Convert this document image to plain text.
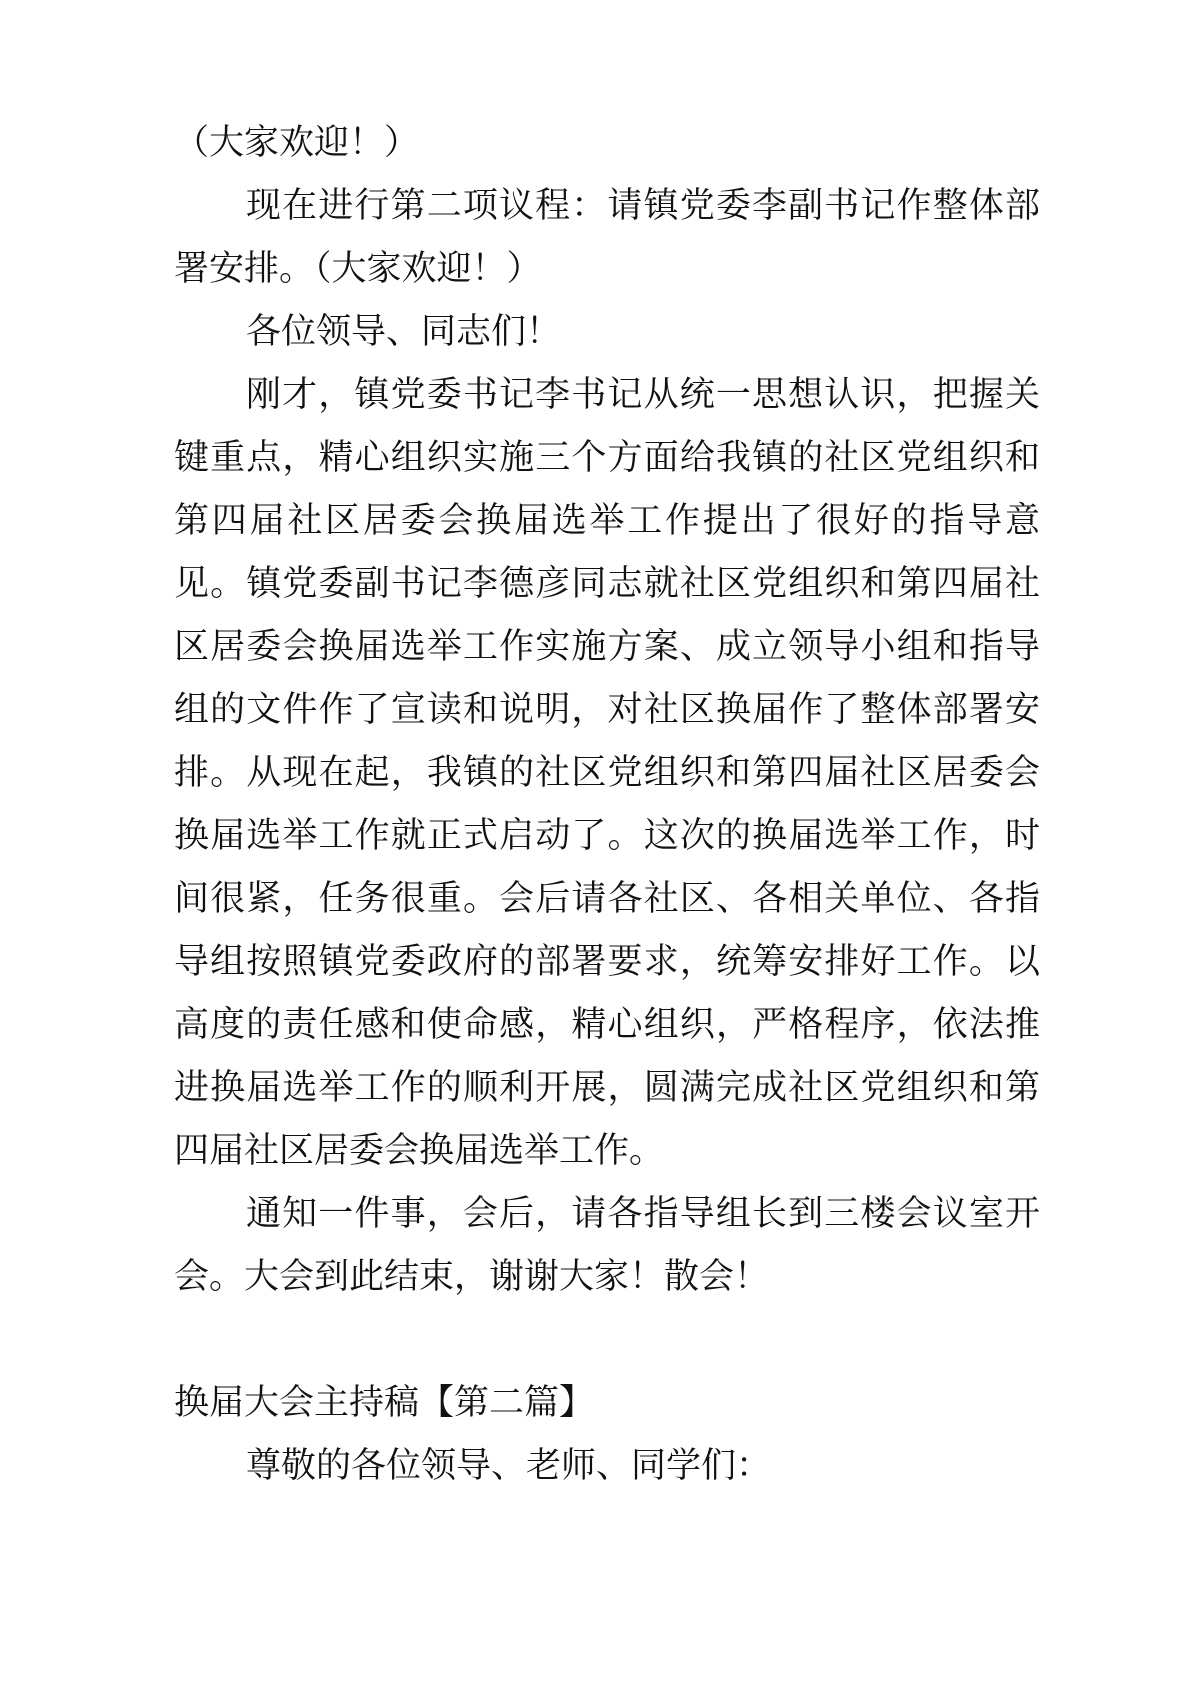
（大家欢迎！）

现在进行第二项议程：请镇党委李副书记作整体部署安排。（大家欢迎！）

各位领导、同志们！

刚才，镇党委书记李书记从统一思想认识，把握关键重点，精心组织实施三个方面给我镇的社区党组织和第四届社区居委会换届选举工作提出了很好的指导意见。镇党委副书记李德彦同志就社区党组织和第四届社区居委会换届选举工作实施方案、成立领导小组和指导组的文件作了宣读和说明，对社区换届作了整体部署安排。从现在起，我镇的社区党组织和第四届社区居委会换届选举工作就正式启动了。这次的换届选举工作，时间很紧，任务很重。会后请各社区、各相关单位、各指导组按照镇党委政府的部署要求，统筹安排好工作。以高度的责任感和使命感，精心组织，严格程序，依法推进换届选举工作的顺利开展，圆满完成社区党组织和第四届社区居委会换届选举工作。

通知一件事，会后，请各指导组长到三楼会议室开会。大会到此结束，谢谢大家！散会！

换届大会主持稿【第二篇】

尊敬的各位领导、老师、同学们：
